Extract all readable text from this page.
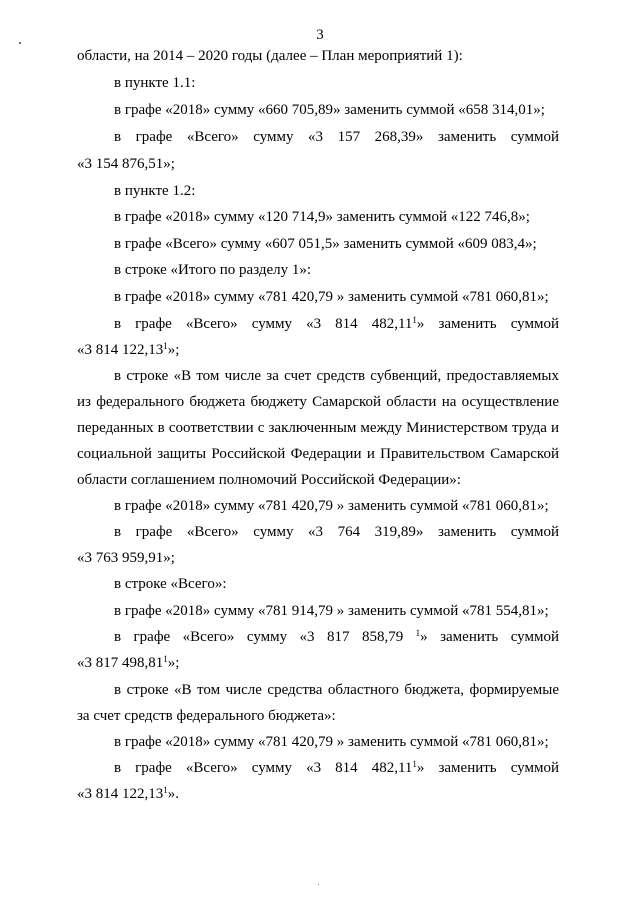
3
области, на 2014 – 2020 годы (далее – План мероприятий 1):
в пункте 1.1:
в графе «2018» сумму «660 705,89» заменить суммой «658 314,01»;
в графе «Всего» сумму «3 157 268,39» заменить суммой
«3 154 876,51»;
в пункте 1.2:
в графе «2018» сумму «120 714,9» заменить суммой «122 746,8»;
в графе «Всего» сумму «607 051,5» заменить суммой «609 083,4»;
в строке «Итого по разделу 1»:
в графе «2018» сумму «781 420,79 » заменить суммой «781 060,81»;
в графе «Всего» сумму «3 814 482,11$^1$» заменить суммой
«3 814 122,13$^1$»;
в строке «В том числе за счет средств субвенций, предоставляемых
из федерального бюджета бюджету Самарской области на осуществление
переданных в соответствии с заключенным между Министерством труда и
социальной защиты Российской Федерации и Правительством Самарской
области соглашением полномочий Российской Федерации»:
в графе «2018» сумму «781 420,79 » заменить суммой «781 060,81»;
в графе «Всего» сумму «3 764 319,89» заменить суммой
«3 763 959,91»;
в строке «Всего»:
в графе «2018» сумму «781 914,79 » заменить суммой «781 554,81»;
в графе «Всего» сумму «3 817 858,79 $^1$» заменить суммой
«3 817 498,81$^1$»;
в строке «В том числе средства областного бюджета, формируемые
за счет средств федерального бюджета»:
в графе «2018» сумму «781 420,79 » заменить суммой «781 060,81»;
в графе «Всего» сумму «3 814 482,11$^1$» заменить суммой
«3 814 122,13$^1$».
